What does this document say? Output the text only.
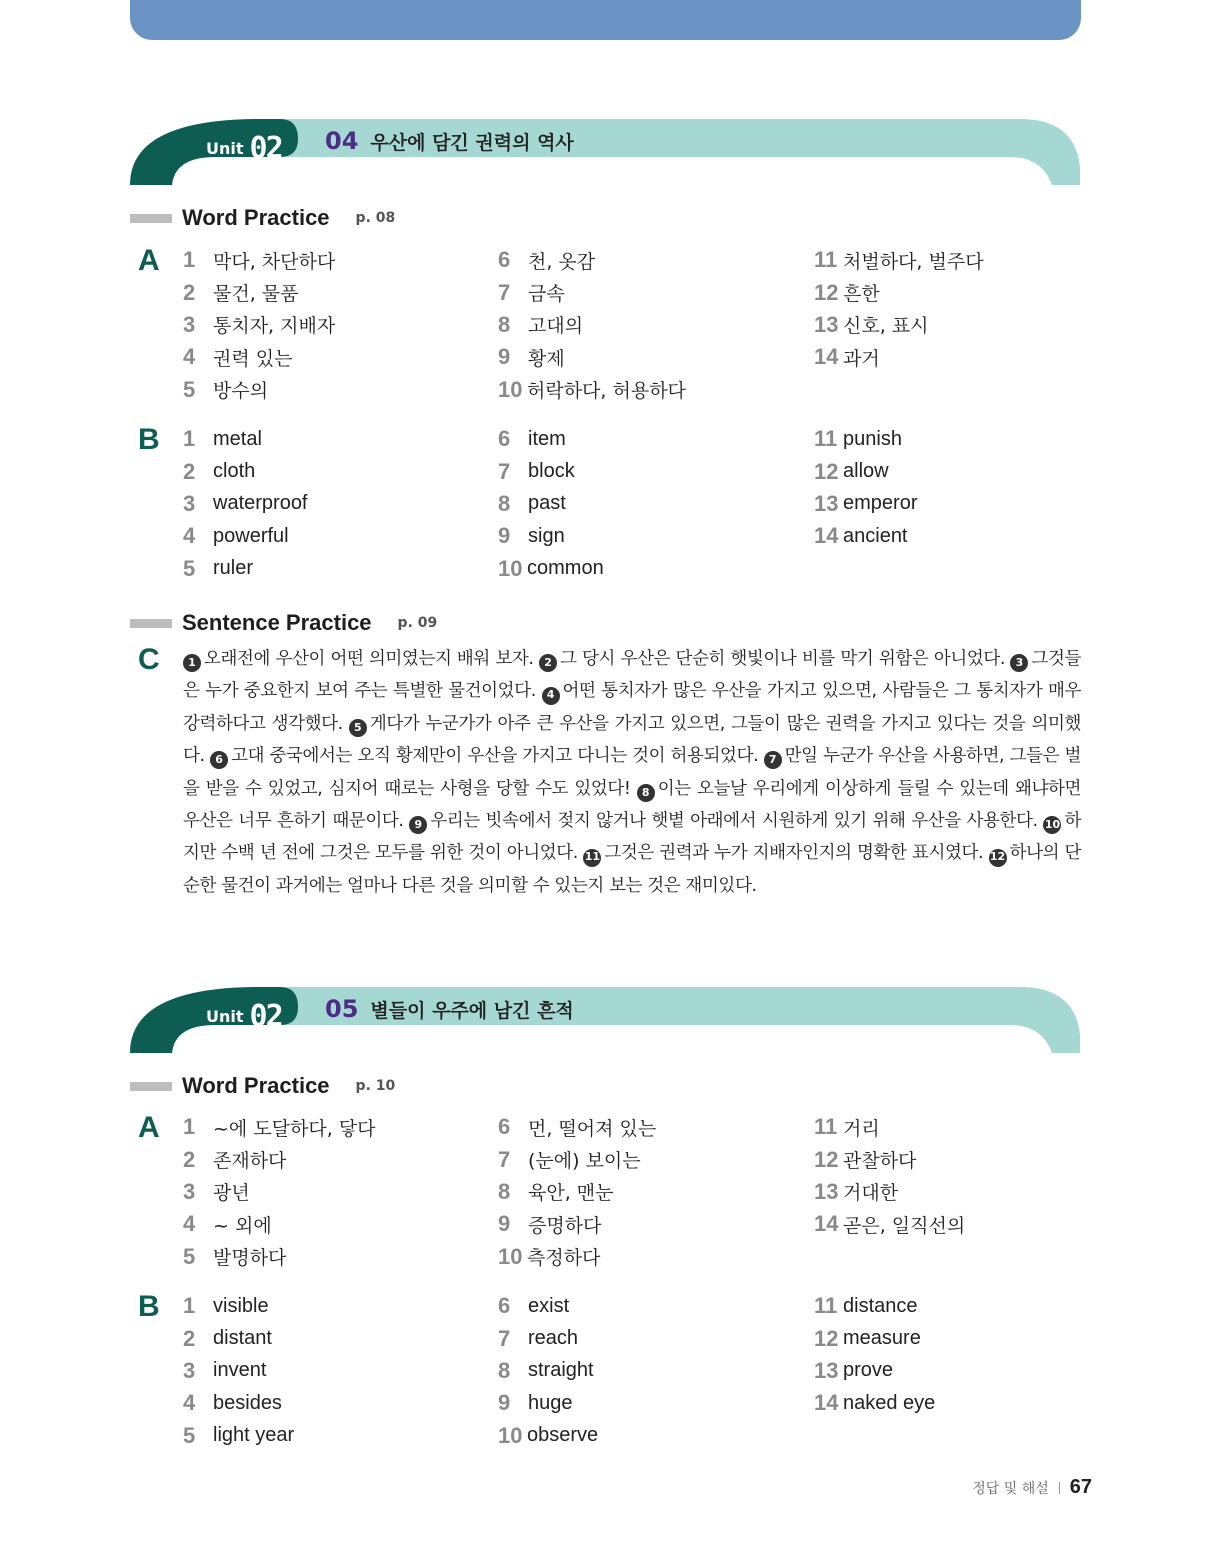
Unit 02 04 우산에 담긴 권력의 역사
Word Practice p. 08
A 1 막다, 차단하다
2 물건, 물품
3 통치자, 지배자
4 권력 있는
5 방수의
6 천, 옷감
7 금속
8 고대의
9 황제
10 허락하다, 허용하다
11 처벌하다, 벌주다
12 흔한
13 신호, 표시
14 과거
B 1 metal
2 cloth
3 waterproof
4 powerful
5 ruler
6 item
7 block
8 past
9 sign
10 common
11 punish
12 allow
13 emperor
14 ancient
Sentence Practice p. 09
C	1 오래전에 우산이 어떤 의미였는지 배워 보자. 2 그 당시 우산은 단순히 햇빛이나 비를 막기 위함은 아니었다. 3 그것들은 누가 중요한지 보여 주는 특별한 물건이었다. 4 어떤 통치자가 많은 우산을 가지고 있으면, 사람들은 그 통치자가 매우 강력하다고 생각했다. 5 게다가 누군가가 아주 큰 우산을 가지고 있으면, 그들이 많은 권력을 가지고 있다는 것을 의미했다. 6 고대 중국에서는 오직 황제만이 우산을 가지고 다니는 것이 허용되었다. 7 만일 누군가 우산을 사용하면, 그들은 벌을 받을 수 있었고, 심지어 때로는 사형을 당할 수도 있었다! 8 이는 오늘날 우리에게 이상하게 들릴 수 있는데 왜냐하면 우산은 너무 흔하기 때문이다. 9 우리는 빗속에서 젖지 않거나 햇볕 아래에서 시원하게 있기 위해 우산을 사용한다. 10 하지만 수백 년 전에 그것은 모두를 위한 것이 아니었다. 11 그것은 권력과 누가 지배자인지의 명확한 표시였다. 12 하나의 단순한 물건이 과거에는 얼마나 다른 것을 의미할 수 있는지 보는 것은 재미있다.
Unit 02 05 별들이 우주에 남긴 흔적
Word Practice p. 10
A 1 ~에 도달하다, 닿다
2 존재하다
3 광년
4 ~ 외에
5 발명하다
6 먼, 떨어져 있는
7 (눈에) 보이는
8 육안, 맨눈
9 증명하다
10 측정하다
11 거리
12 관찰하다
13 거대한
14 곧은, 일직선의
B 1 visible
2 distant
3 invent
4 besides
5 light year
6 exist
7 reach
8 straight
9 huge
10 observe
11 distance
12 measure
13 prove
14 naked eye
정답 및 해설 67
